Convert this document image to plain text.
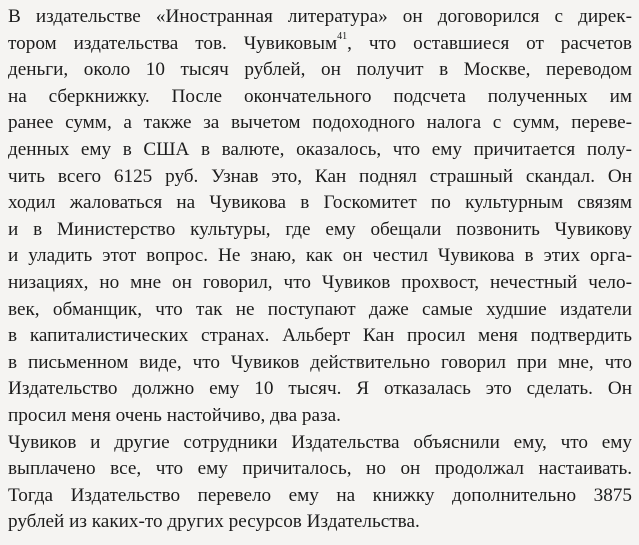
В издательстве «Иностранная литература» он договорился с дирек-
тором издательства тов. Чувиковым$^{41}$, что оставшиеся от расчетов
деньги, около 10 тысяч рублей, он получит в Москве, переводом
на сберкнижку. После окончательного подсчета полученных им
ранее сумм, а также за вычетом подоходного налога с сумм, переве-
денных ему в США в валюте, оказалось, что ему причитается полу-
чить всего 6125 руб. Узнав это, Кан поднял страшный скандал. Он
ходил жаловаться на Чувикова в Госкомитет по культурным связям
и в Министерство культуры, где ему обещали позвонить Чувикову
и уладить этот вопрос. Не знаю, как он честил Чувикова в этих орга-
низациях, но мне он говорил, что Чувиков прохвост, нечестный чело-
век, обманщик, что так не поступают даже самые худшие издатели
в капиталистических странах. Альберт Кан просил меня подтвердить
в письменном виде, что Чувиков действительно говорил при мне, что
Издательство должно ему 10 тысяч. Я отказалась это сделать. Он
просил меня очень настойчиво, два раза.
Чувиков и другие сотрудники Издательства объяснили ему, что ему
выплачено все, что ему причиталось, но он продолжал настаивать.
Тогда Издательство перевело ему на книжку дополнительно 3875
рублей из каких-то других ресурсов Издательства.
